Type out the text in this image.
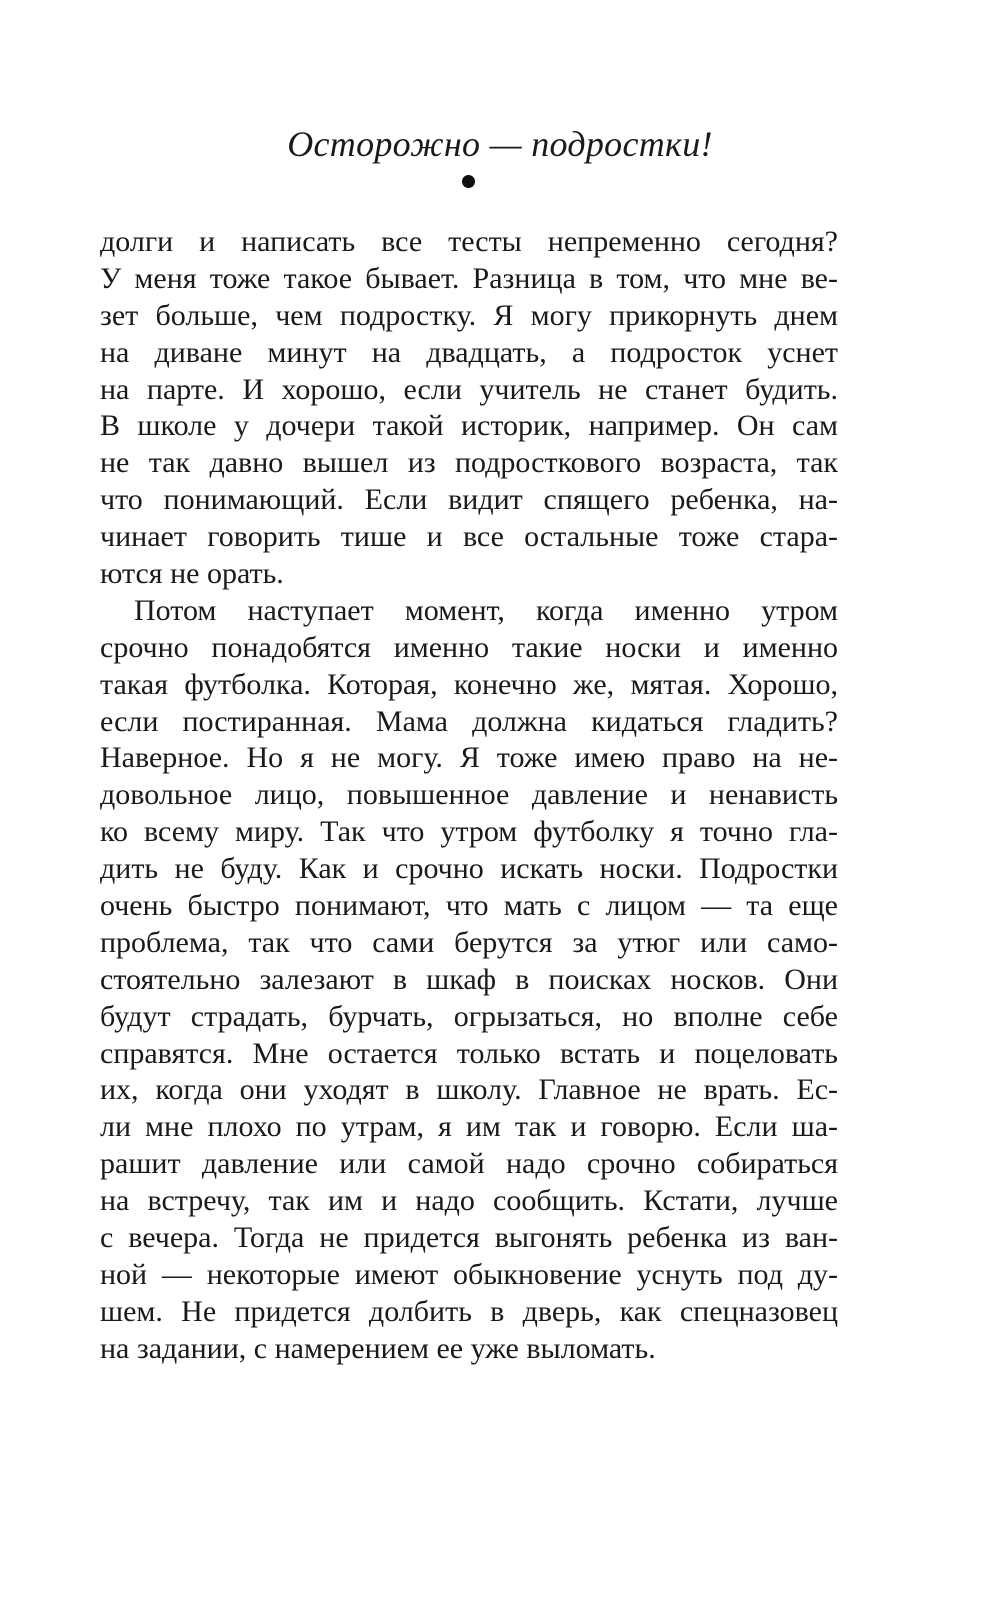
Осторожно — подростки!
долги и написать все тесты непременно сегодня?
У меня тоже такое бывает. Разница в том, что мне ве-
зет больше, чем подростку. Я могу прикорнуть днем
на диване минут на двадцать, а подросток уснет
на парте. И хорошо, если учитель не станет будить.
В школе у дочери такой историк, например. Он сам
не так давно вышел из подросткового возраста, так
что понимающий. Если видит спящего ребенка, на-
чинает говорить тише и все остальные тоже стара-
ются не орать.
Потом наступает момент, когда именно утром
срочно понадобятся именно такие носки и именно
такая футболка. Которая, конечно же, мятая. Хорошо,
если постиранная. Мама должна кидаться гладить?
Наверное. Но я не могу. Я тоже имею право на не-
довольное лицо, повышенное давление и ненависть
ко всему миру. Так что утром футболку я точно гла-
дить не буду. Как и срочно искать носки. Подростки
очень быстро понимают, что мать с лицом — та еще
проблема, так что сами берутся за утюг или само-
стоятельно залезают в шкаф в поисках носков. Они
будут страдать, бурчать, огрызаться, но вполне себе
справятся. Мне остается только встать и поцеловать
их, когда они уходят в школу. Главное не врать. Ес-
ли мне плохо по утрам, я им так и говорю. Если ша-
рашит давление или самой надо срочно собираться
на встречу, так им и надо сообщить. Кстати, лучше
с вечера. Тогда не придется выгонять ребенка из ван-
ной — некоторые имеют обыкновение уснуть под ду-
шем. Не придется долбить в дверь, как спецназовец
на задании, с намерением ее уже выломать.
